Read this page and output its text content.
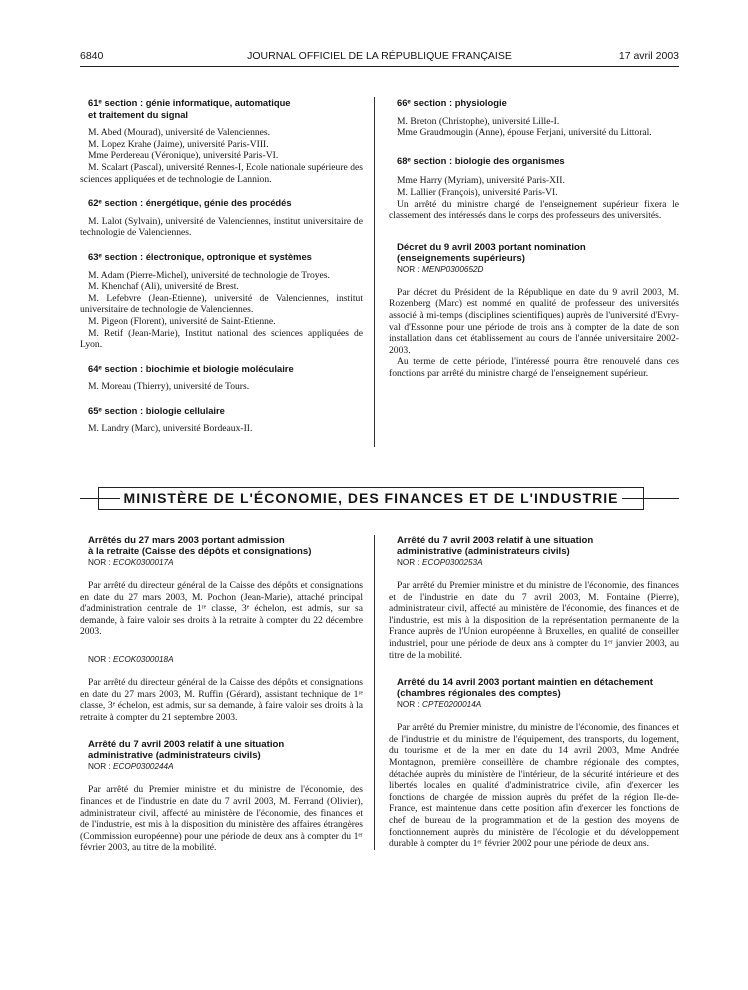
6840	JOURNAL OFFICIEL DE LA RÉPUBLIQUE FRANÇAISE	17 avril 2003

61ᵉ section : génie informatique, automatique

et traitement du signal

M. Abed (Mourad), université de Valenciennes.

M. Lopez Krahe (Jaime), université Paris-VIII.

Mme Perdereau (Véronique), université Paris-VI.

M. Scalart (Pascal), université Rennes-I, Ecole nationale supérieure des sciences appliquées et de technologie de Lannion.

62ᵉ section : énergétique, génie des procédés

M. Lalot (Sylvain), université de Valenciennes, institut universitaire de technologie de Valenciennes.

63ᵉ section : électronique, optronique et systèmes

M. Adam (Pierre-Michel), université de technologie de Troyes.

M. Khenchaf (Ali), université de Brest.

M. Lefebvre (Jean-Etienne), université de Valenciennes, institut universitaire de technologie de Valenciennes.

M. Pigeon (Florent), université de Saint-Etienne.

M. Retif (Jean-Marie), Institut national des sciences appliquées de Lyon.

64ᵉ section : biochimie et biologie moléculaire

M. Moreau (Thierry), université de Tours.

65ᵉ section : biologie cellulaire

M. Landry (Marc), université Bordeaux-II.

66ᵉ section : physiologie

M. Breton (Christophe), université Lille-I.

Mme Graudmougin (Anne), épouse Ferjani, université du Littoral.

68ᵉ section : biologie des organismes

Mme Harry (Myriam), université Paris-XII.

M. Lallier (François), université Paris-VI.

Un arrêté du ministre chargé de l'enseignement supérieur fixera le classement des intéressés dans le corps des professeurs des universités.

Décret du 9 avril 2003 portant nomination

(enseignements supérieurs)

NOR : MENP0300652D

Par décret du Président de la République en date du 9 avril 2003, M. Rozenberg (Marc) est nommé en qualité de professeur des universités associé à mi-temps (disciplines scientifiques) auprès de l'université d'Evry-val d'Essonne pour une période de trois ans à compter de la date de son installation dans cet établissement au cours de l'année universitaire 2002-2003.

Au terme de cette période, l'intéressé pourra être renouvelé dans ces fonctions par arrêté du ministre chargé de l'enseignement supérieur.

MINISTÈRE DE L'ÉCONOMIE, DES FINANCES ET DE L'INDUSTRIE

Arrêtés du 27 mars 2003 portant admission

à la retraite (Caisse des dépôts et consignations)

NOR : ECOK0300017A

Par arrêté du directeur général de la Caisse des dépôts et consignations en date du 27 mars 2003, M. Pochon (Jean-Marie), attaché principal d'administration centrale de 1ʳᵉ classe, 3ᵉ échelon, est admis, sur sa demande, à faire valoir ses droits à la retraite à compter du 22 décembre 2003.

NOR : ECOK0300018A

Par arrêté du directeur général de la Caisse des dépôts et consignations en date du 27 mars 2003, M. Ruffin (Gérard), assistant technique de 1ʳᵉ classe, 3ᵉ échelon, est admis, sur sa demande, à faire valoir ses droits à la retraite à compter du 21 septembre 2003.

Arrêté du 7 avril 2003 relatif à une situation

administrative (administrateurs civils)

NOR : ECOP0300244A

Par arrêté du Premier ministre et du ministre de l'économie, des finances et de l'industrie en date du 7 avril 2003, M. Ferrand (Olivier), administrateur civil, affecté au ministère de l'économie, des finances et de l'industrie, est mis à la disposition du ministère des affaires étrangères (Commission européenne) pour une période de deux ans à compter du 1ᵉʳ février 2003, au titre de la mobilité.

Arrêté du 7 avril 2003 relatif à une situation

administrative (administrateurs civils)

NOR : ECOP0300253A

Par arrêté du Premier ministre et du ministre de l'économie, des finances et de l'industrie en date du 7 avril 2003, M. Fontaine (Pierre), administrateur civil, affecté au ministère de l'économie, des finances et de l'industrie, est mis à la disposition de la représentation permanente de la France auprès de l'Union européenne à Bruxelles, en qualité de conseiller industriel, pour une période de deux ans à compter du 1ᵉʳ janvier 2003, au titre de la mobilité.

Arrêté du 14 avril 2003 portant maintien en détachement

(chambres régionales des comptes)

NOR : CPTE0200014A

Par arrêté du Premier ministre, du ministre de l'économie, des finances et de l'industrie et du ministre de l'équipement, des transports, du logement, du tourisme et de la mer en date du 14 avril 2003, Mme Andrée Montagnon, première conseillère de chambre régionale des comptes, détachée auprès du ministère de l'intérieur, de la sécurité intérieure et des libertés locales en qualité d'administratrice civile, afin d'exercer les fonctions de chargée de mission auprès du préfet de la région Ile-de-France, est maintenue dans cette position afin d'exercer les fonctions de chef de bureau de la programmation et de la gestion des moyens de fonctionnement auprès du ministère de l'écologie et du développement durable à compter du 1ᵉʳ février 2002 pour une période de deux ans.
